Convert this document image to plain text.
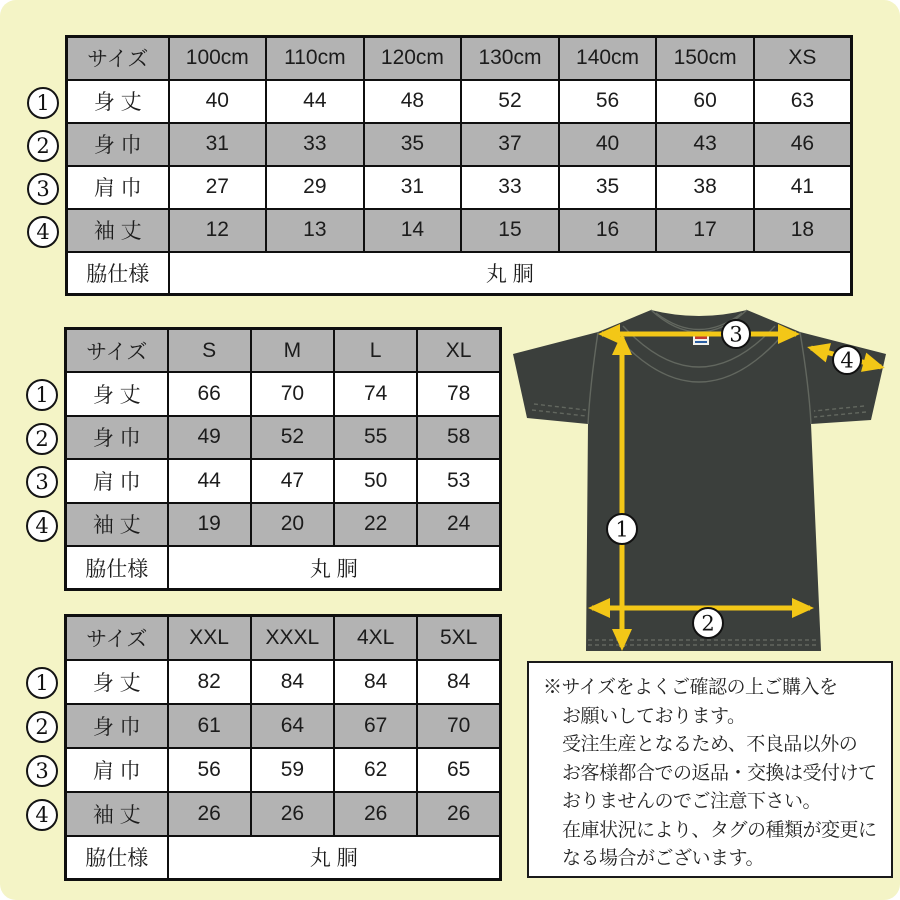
1
2
3
4
サイズ	100cm	110cm	120cm	130cm	140cm	150cm	XS
身 丈	40	44	48	52	56	60	63
身 巾	31	33	35	37	40	43	46
肩 巾	27	29	31	33	35	38	41
袖 丈	12	13	14	15	16	17	18
脇仕様	丸 胴						
1
2
3
4
サイズ	S	M	L	XL
身 丈	66	70	74	78
身 巾	49	52	55	58
肩 巾	44	47	50	53
袖 丈	19	20	22	24
脇仕様	丸 胴			
1
2
3
4
サイズ	XXL	XXXL	4XL	5XL
身 丈	82	84	84	84
身 巾	61	64	67	70
肩 巾	56	59	62	65
袖 丈	26	26	26	26
脇仕様	丸 胴			
1
2
3
4

※サイズをよくご確認の上ご購入を

お願いしております。

受注生産となるため、不良品以外の

お客様都合での返品・交換は受付けて

おりませんのでご注意下さい。

在庫状況により、タグの種類が変更に

なる場合がございます。
